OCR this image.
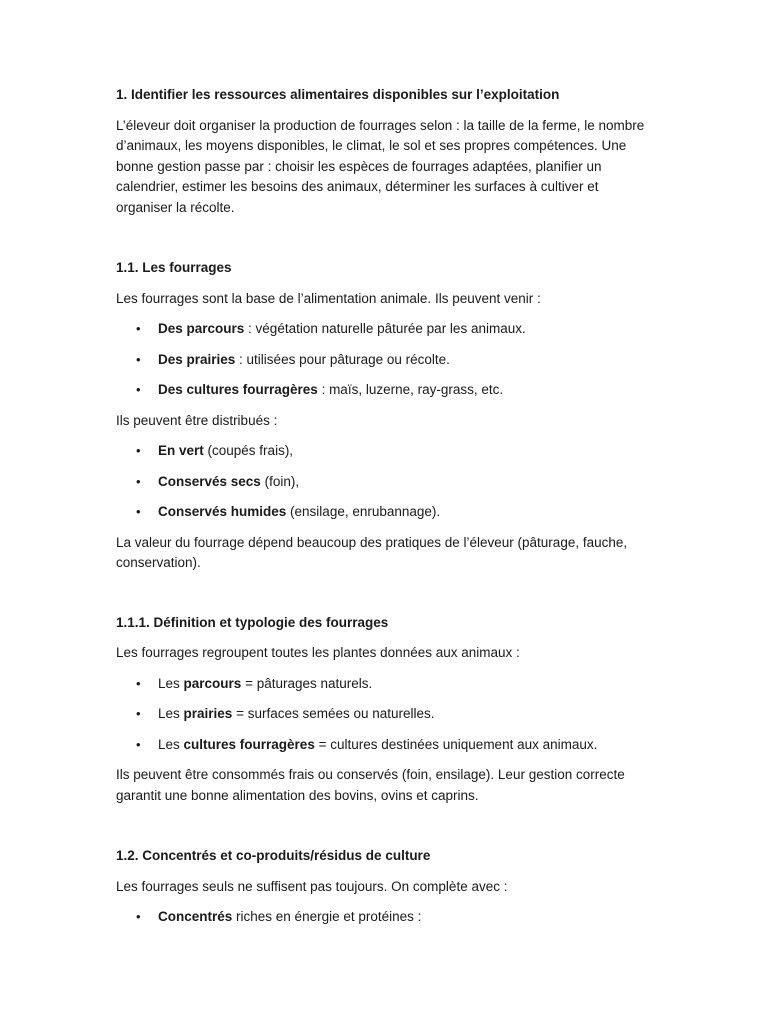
1. Identifier les ressources alimentaires disponibles sur l’exploitation

L’éleveur doit organiser la production de fourrages selon : la taille de la ferme, le nombre d’animaux, les moyens disponibles, le climat, le sol et ses propres compétences. Une bonne gestion passe par : choisir les espèces de fourrages adaptées, planifier un calendrier, estimer les besoins des animaux, déterminer les surfaces à cultiver et organiser la récolte.

1.1. Les fourrages

Les fourrages sont la base de l’alimentation animale. Ils peuvent venir :

• Des parcours : végétation naturelle pâturée par les animaux.
• Des prairies : utilisées pour pâturage ou récolte.
• Des cultures fourragères : maïs, luzerne, ray-grass, etc.

Ils peuvent être distribués :

• En vert (coupés frais),
• Conservés secs (foin),
• Conservés humides (ensilage, enrubannage).

La valeur du fourrage dépend beaucoup des pratiques de l’éleveur (pâturage, fauche, conservation).

1.1.1. Définition et typologie des fourrages

Les fourrages regroupent toutes les plantes données aux animaux :

• Les parcours = pâturages naturels.
• Les prairies = surfaces semées ou naturelles.
• Les cultures fourragères = cultures destinées uniquement aux animaux.

Ils peuvent être consommés frais ou conservés (foin, ensilage). Leur gestion correcte garantit une bonne alimentation des bovins, ovins et caprins.

1.2. Concentrés et co-produits/résidus de culture

Les fourrages seuls ne suffisent pas toujours. On complète avec :

• Concentrés riches en énergie et protéines :
